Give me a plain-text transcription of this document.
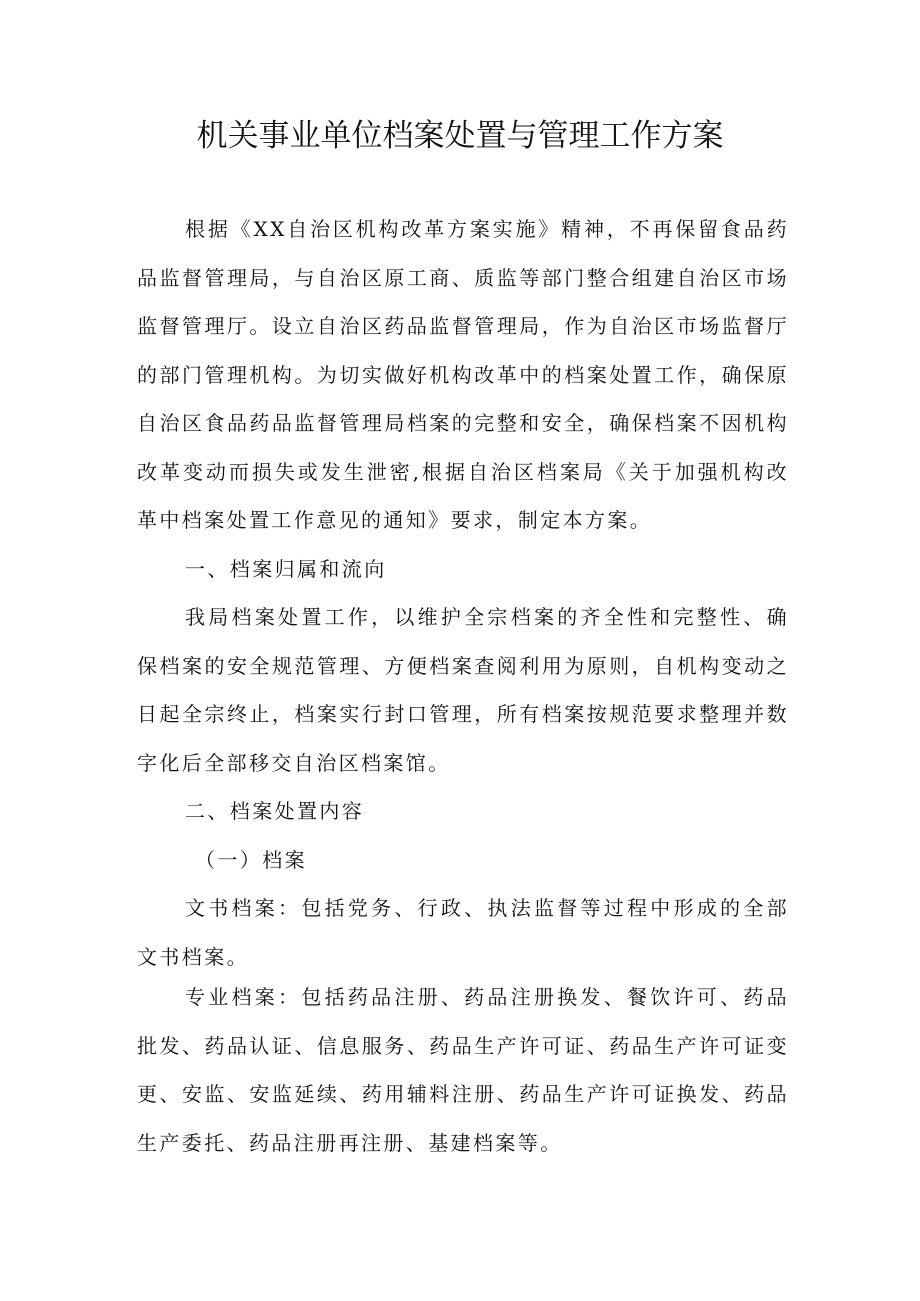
机关事业单位档案处置与管理工作方案

根据《XX自治区机构改革方案实施》精神，不再保留食品药品监督管理局，与自治区原工商、质监等部门整合组建自治区市场监督管理厅。设立自治区药品监督管理局，作为自治区市场监督厅的部门管理机构。为切实做好机构改革中的档案处置工作，确保原自治区食品药品监督管理局档案的完整和安全，确保档案不因机构改革变动而损失或发生泄密,根据自治区档案局《关于加强机构改革中档案处置工作意见的通知》要求，制定本方案。

一、档案归属和流向

我局档案处置工作，以维护全宗档案的齐全性和完整性、确保档案的安全规范管理、方便档案查阅利用为原则，自机构变动之日起全宗终止，档案实行封口管理，所有档案按规范要求整理并数字化后全部移交自治区档案馆。

二、档案处置内容

（一）档案

文书档案：包括党务、行政、执法监督等过程中形成的全部文书档案。

专业档案：包括药品注册、药品注册换发、餐饮许可、药品批发、药品认证、信息服务、药品生产许可证、药品生产许可证变更、安监、安监延续、药用辅料注册、药品生产许可证换发、药品生产委托、药品注册再注册、基建档案等。
